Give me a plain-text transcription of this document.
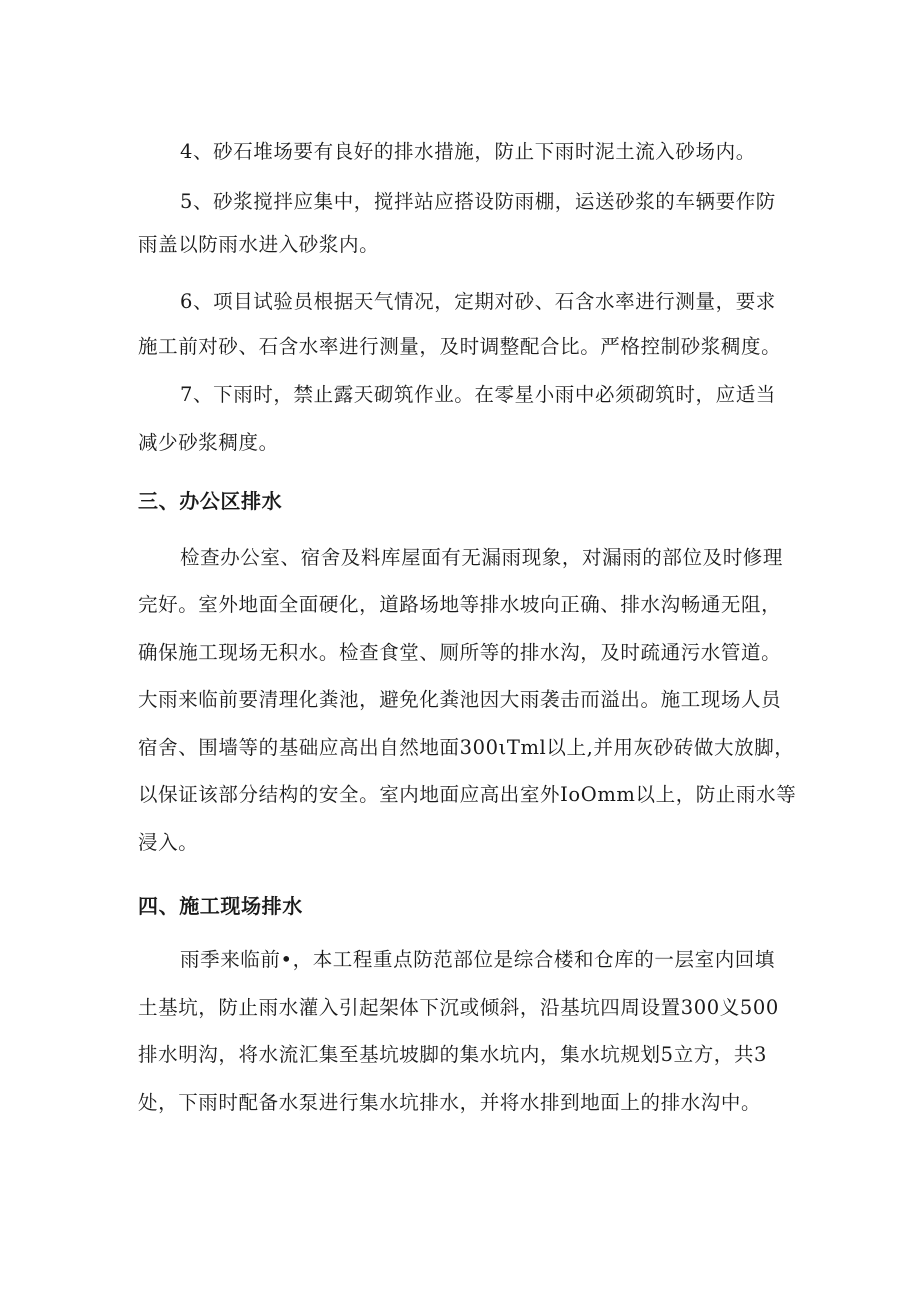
4、砂石堆场要有良好的排水措施，防止下雨时泥土流入砂场内。
5、砂浆搅拌应集中，搅拌站应搭设防雨棚，运送砂浆的车辆要作防
雨盖以防雨水进入砂浆内。
6、项目试验员根据天气情况，定期对砂、石含水率进行测量，要求
施工前对砂、石含水率进行测量，及时调整配合比。严格控制砂浆稠度。
7、下雨时，禁止露天砌筑作业。在零星小雨中必须砌筑时，应适当
减少砂浆稠度。
三、办公区排水
检查办公室、宿舍及料库屋面有无漏雨现象，对漏雨的部位及时修理
完好。室外地面全面硬化，道路场地等排水坡向正确、排水沟畅通无阻，
确保施工现场无积水。检查食堂、厕所等的排水沟，及时疏通污水管道。
大雨来临前要清理化粪池，避免化粪池因大雨袭击而溢出。施工现场人员
宿舍、围墙等的基础应高出自然地面300ιTml以上,并用灰砂砖做大放脚，
以保证该部分结构的安全。室内地面应高出室外IoOmm以上，防止雨水等
浸入。
四、施工现场排水
雨季来临前•，本工程重点防范部位是综合楼和仓库的一层室内回填
土基坑，防止雨水灌入引起架体下沉或倾斜，沿基坑四周设置300义500
排水明沟，将水流汇集至基坑坡脚的集水坑内，集水坑规划5立方，共3
处，下雨时配备水泵进行集水坑排水，并将水排到地面上的排水沟中。
